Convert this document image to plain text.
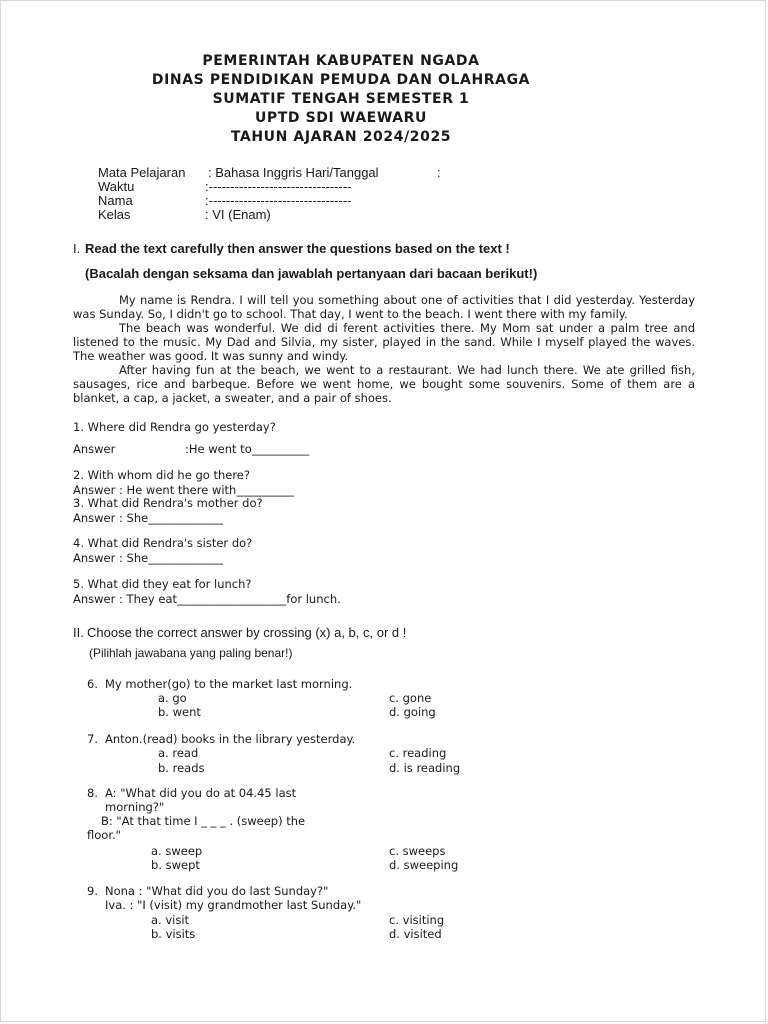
PEMERINTAH KABUPATEN NGADA
DINAS PENDIDIKAN PEMUDA DAN OLAHRAGA
SUMATIF TENGAH SEMESTER 1
UPTD SDI WAEWARU
TAHUN AJARAN 2024/2025
Mata Pelajaran : Bahasa Inggris Hari/Tanggal	:
Waktu	:---------------------------------
Nama	:---------------------------------
Kelas	: VI (Enam)
I. Read the text carefully then answer the questions based on the text !
(Bacalah dengan seksama dan jawablah pertanyaan dari bacaan berikut!)

My name is Rendra. I will tell you something about one of activities that I did yesterday. Yesterday was Sunday. So, I didn't go to school. That day, I went to the beach. I went there with my family.

The beach was wonderful. We did di ferent activities there. My Mom sat under a palm tree and listened to the music. My Dad and Silvia, my sister, played in the sand. While I myself played the waves. The weather was good. It was sunny and windy.

After having fun at the beach, we went to a restaurant. We had lunch there. We ate grilled fish, sausages, rice and barbeque. Before we went home, we bought some souvenirs. Some of them are a blanket, a cap, a jacket, a sweater, and a pair of shoes.

1. Where did Rendra go yesterday?
Answer	:He went to__________
2. With whom did he go there?
Answer : He went there with__________
3. What did Rendra's mother do?
Answer : She_____________
4. What did Rendra's sister do?
Answer : She_____________
5. What did they eat for lunch?
Answer : They eat___________________for lunch.
II. Choose the correct answer by crossing (x) a, b, c, or d !
(Pilihlah jawabana yang paling benar!)
6. My mother(go) to the market last morning.
a. go
b. went
c. gone
d. going
7. Anton.(read) books in the library yesterday.
a. read
b. reads
c. reading
d. is reading
8. A: "What did you do at 04.45 last
morning?"
B: "At that time I _ _ _ . (sweep) the
floor."
a. sweep
b. swept
c. sweeps
d. sweeping
9. Nona : "What did you do last Sunday?"
Iva. : "I (visit) my grandmother last Sunday."
a. visit
b. visits
c. visiting
d. visited
